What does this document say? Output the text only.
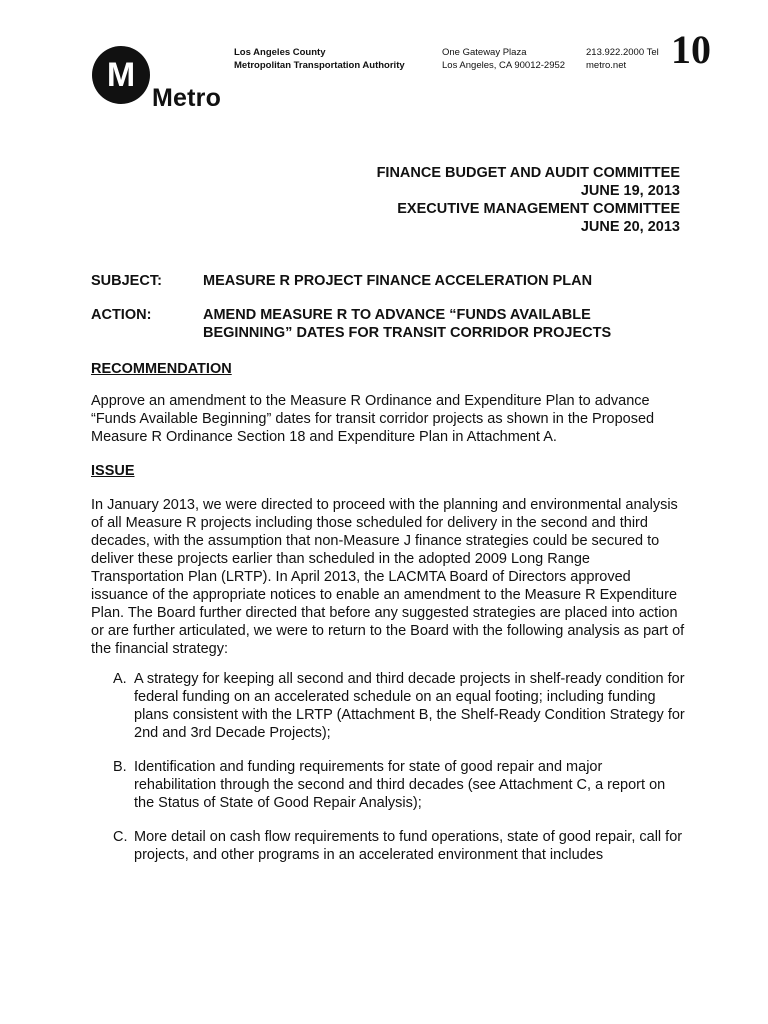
M
Metro
Los Angeles County
Metropolitan Transportation Authority
One Gateway Plaza
Los Angeles, CA 90012-2952
213.922.2000 Tel
metro.net	10
FINANCE BUDGET AND AUDIT COMMITTEE
JUNE 19, 2013
EXECUTIVE MANAGEMENT COMMITTEE
JUNE 20, 2013
SUBJECT:	MEASURE R PROJECT FINANCE ACCELERATION PLAN
ACTION:	AMEND MEASURE R TO ADVANCE “FUNDS AVAILABLE BEGINNING” DATES FOR TRANSIT CORRIDOR PROJECTS
RECOMMENDATION
Approve an amendment to the Measure R Ordinance and Expenditure Plan to advance “Funds Available Beginning” dates for transit corridor projects as shown in the Proposed Measure R Ordinance Section 18 and Expenditure Plan in Attachment A.
ISSUE
In January 2013, we were directed to proceed with the planning and environmental analysis of all Measure R projects including those scheduled for delivery in the second and third decades, with the assumption that non-Measure J finance strategies could be secured to deliver these projects earlier than scheduled in the adopted 2009 Long Range Transportation Plan (LRTP). In April 2013, the LACMTA Board of Directors approved issuance of the appropriate notices to enable an amendment to the Measure R Expenditure Plan. The Board further directed that before any suggested strategies are placed into action or are further articulated, we were to return to the Board with the following analysis as part of the financial strategy:
A. A strategy for keeping all second and third decade projects in shelf-ready condition for federal funding on an accelerated schedule on an equal footing; including funding plans consistent with the LRTP (Attachment B, the Shelf-Ready Condition Strategy for 2nd and 3rd Decade Projects);
B. Identification and funding requirements for state of good repair and major rehabilitation through the second and third decades (see Attachment C, a report on the Status of State of Good Repair Analysis);
C. More detail on cash flow requirements to fund operations, state of good repair, call for projects, and other programs in an accelerated environment that includes
